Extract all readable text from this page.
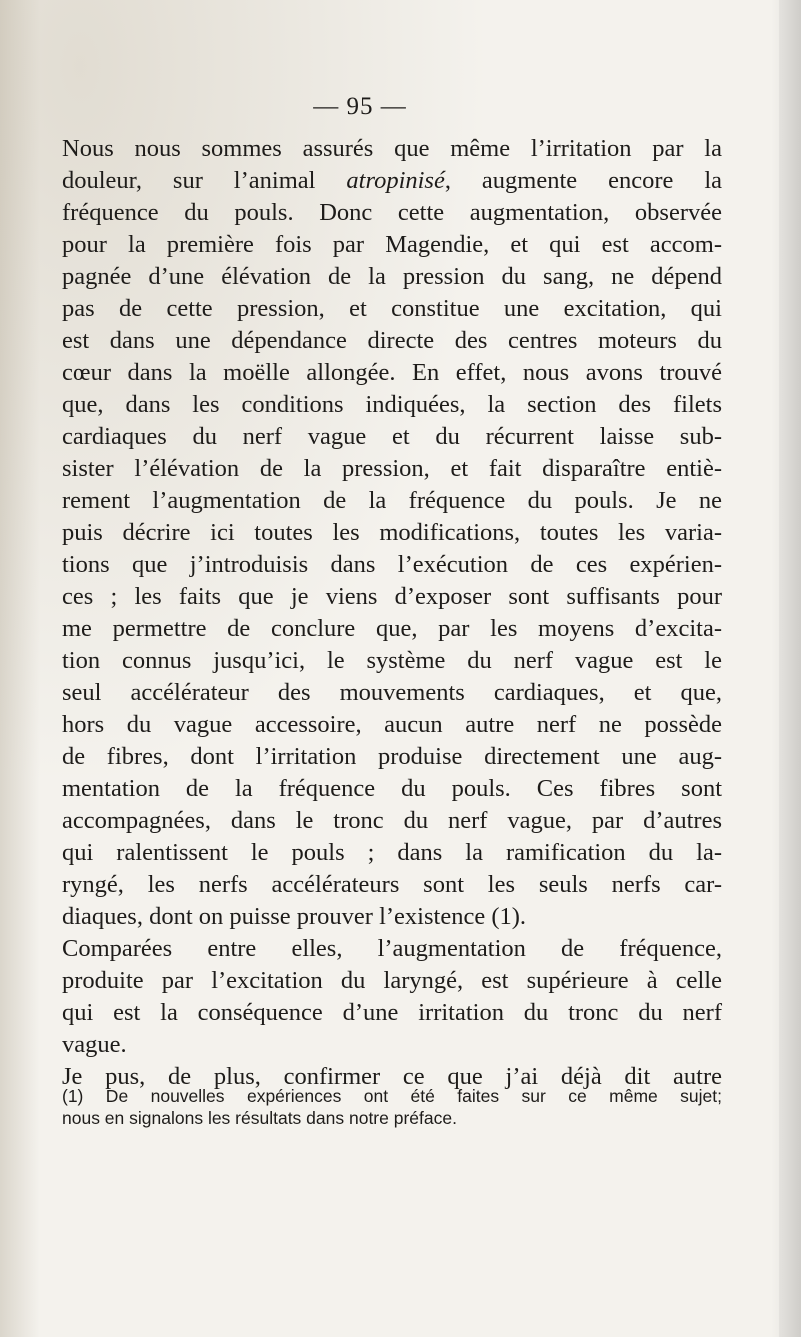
— 95 —
Nous nous sommes assurés que même l’irritation par la
douleur, sur l’animal atropinisé, augmente encore la
fréquence du pouls. Donc cette augmentation, observée
pour la première fois par Magendie, et qui est accom-
pagnée d’une élévation de la pression du sang, ne dépend
pas de cette pression, et constitue une excitation, qui
est dans une dépendance directe des centres moteurs du
cœur dans la moëlle allongée. En effet, nous avons trouvé
que, dans les conditions indiquées, la section des filets
cardiaques du nerf vague et du récurrent laisse sub-
sister l’élévation de la pression, et fait disparaître entiè-
rement l’augmentation de la fréquence du pouls. Je ne
puis décrire ici toutes les modifications, toutes les varia-
tions que j’introduisis dans l’exécution de ces expérien-
ces ; les faits que je viens d’exposer sont suffisants pour
me permettre de conclure que, par les moyens d’excita-
tion connus jusqu’ici, le système du nerf vague est le
seul accélérateur des mouvements cardiaques, et que,
hors du vague accessoire, aucun autre nerf ne possède
de fibres, dont l’irritation produise directement une aug-
mentation de la fréquence du pouls. Ces fibres sont
accompagnées, dans le tronc du nerf vague, par d’autres
qui ralentissent le pouls ; dans la ramification du la-
ryngé, les nerfs accélérateurs sont les seuls nerfs car-
diaques, dont on puisse prouver l’existence (1).
Comparées entre elles, l’augmentation de fréquence,
produite par l’excitation du laryngé, est supérieure à celle
qui est la conséquence d’une irritation du tronc du nerf
vague.
Je pus, de plus, confirmer ce que j’ai déjà dit autre
(1) De nouvelles expériences ont été faites sur ce même sujet;
nous en signalons les résultats dans notre préface.
